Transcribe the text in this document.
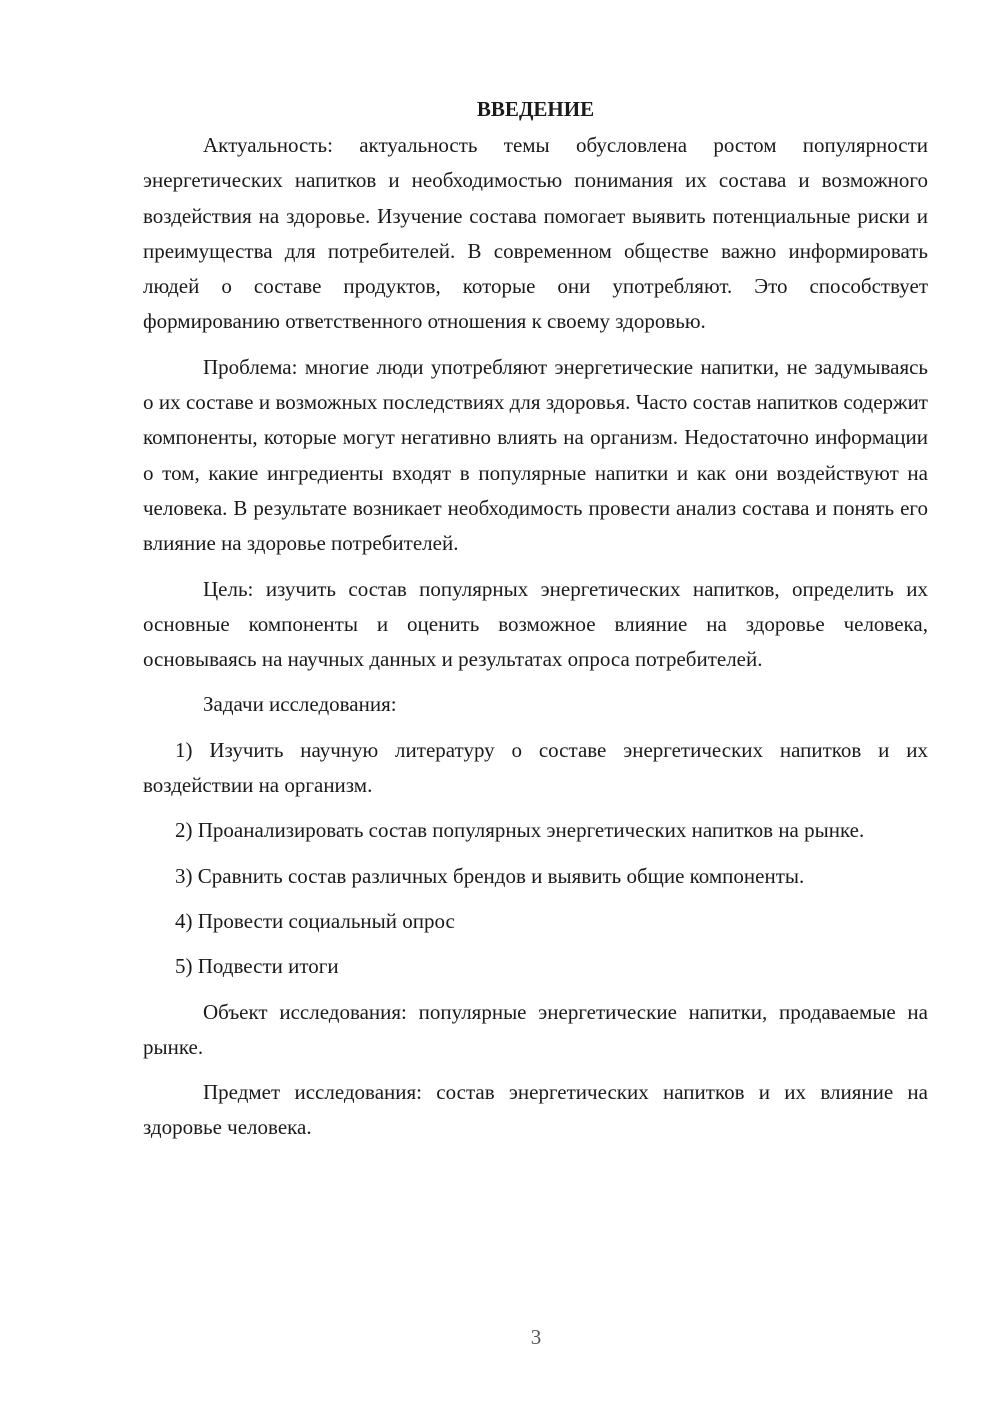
ВВЕДЕНИЕ

Актуальность: актуальность темы обусловлена ростом популярности энергетических напитков и необходимостью понимания их состава и возможного воздействия на здоровье. Изучение состава помогает выявить потенциальные риски и преимущества для потребителей. В современном обществе важно информировать людей о составе продуктов, которые они употребляют. Это способствует формированию ответственного отношения к своему здоровью.

Проблема: многие люди употребляют энергетические напитки, не задумываясь о их составе и возможных последствиях для здоровья. Часто состав напитков содержит компоненты, которые могут негативно влиять на организм. Недостаточно информации о том, какие ингредиенты входят в популярные напитки и как они воздействуют на человека. В результате возникает необходимость провести анализ состава и понять его влияние на здоровье потребителей.

Цель: изучить состав популярных энергетических напитков, определить их основные компоненты и оценить возможное влияние на здоровье человека, основываясь на научных данных и результатах опроса потребителей.

Задачи исследования:

1) Изучить научную литературу о составе энергетических напитков и их воздействии на организм.

2) Проанализировать состав популярных энергетических напитков на рынке.

3) Сравнить состав различных брендов и выявить общие компоненты.

4) Провести социальный опрос

5) Подвести итоги

Объект исследования: популярные энергетические напитки, продаваемые на рынке.

Предмет исследования: состав энергетических напитков и их влияние на здоровье человека.

3
